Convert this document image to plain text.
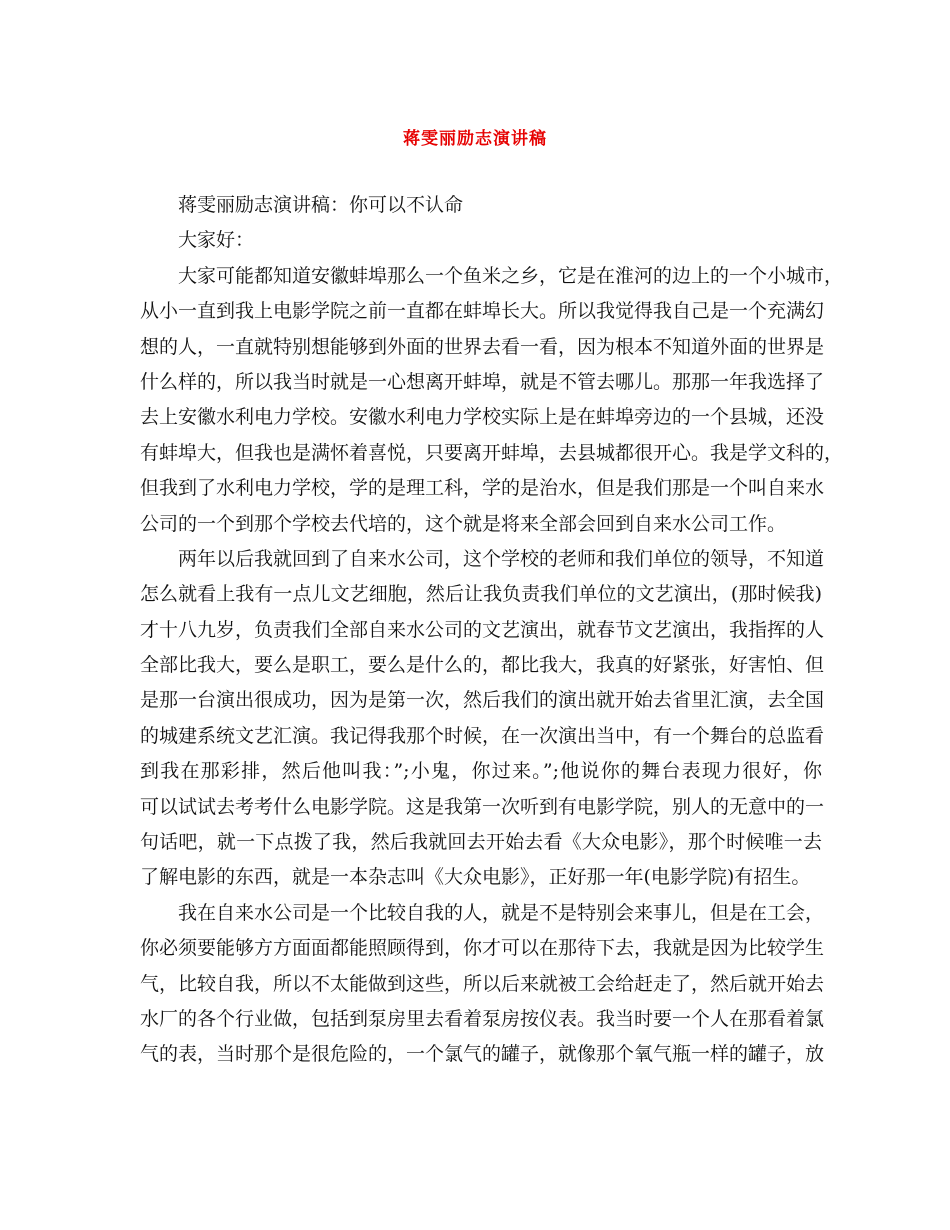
蒋雯丽励志演讲稿
蒋雯丽励志演讲稿：你可以不认命
大家好：
大家可能都知道安徽蚌埠那么一个鱼米之乡，它是在淮河的边上的一个小城市，
从小一直到我上电影学院之前一直都在蚌埠长大。所以我觉得我自己是一个充满幻
想的人，一直就特别想能够到外面的世界去看一看，因为根本不知道外面的世界是
什么样的，所以我当时就是一心想离开蚌埠，就是不管去哪儿。那那一年我选择了
去上安徽水利电力学校。安徽水利电力学校实际上是在蚌埠旁边的一个县城，还没
有蚌埠大，但我也是满怀着喜悦，只要离开蚌埠，去县城都很开心。我是学文科的，
但我到了水利电力学校，学的是理工科，学的是治水，但是我们那是一个叫自来水
公司的一个到那个学校去代培的，这个就是将来全部会回到自来水公司工作。
两年以后我就回到了自来水公司，这个学校的老师和我们单位的领导，不知道
怎么就看上我有一点儿文艺细胞，然后让我负责我们单位的文艺演出，(那时候我)
才十八九岁，负责我们全部自来水公司的文艺演出，就春节文艺演出，我指挥的人
全部比我大，要么是职工，要么是什么的，都比我大，我真的好紧张，好害怕、但
是那一台演出很成功，因为是第一次，然后我们的演出就开始去省里汇演，去全国
的城建系统文艺汇演。我记得我那个时候，在一次演出当中，有一个舞台的总监看
到我在那彩排，然后他叫我：”;小鬼，你过来。”;他说你的舞台表现力很好，你
可以试试去考考什么电影学院。这是我第一次听到有电影学院，别人的无意中的一
句话吧，就一下点拨了我，然后我就回去开始去看《大众电影》，那个时候唯一去
了解电影的东西，就是一本杂志叫《大众电影》，正好那一年(电影学院)有招生。
我在自来水公司是一个比较自我的人，就是不是特别会来事儿，但是在工会，
你必须要能够方方面面都能照顾得到，你才可以在那待下去，我就是因为比较学生
气，比较自我，所以不太能做到这些，所以后来就被工会给赶走了，然后就开始去
水厂的各个行业做，包括到泵房里去看着泵房按仪表。我当时要一个人在那看着氯
气的表，当时那个是很危险的，一个氯气的罐子，就像那个氧气瓶一样的罐子，放
